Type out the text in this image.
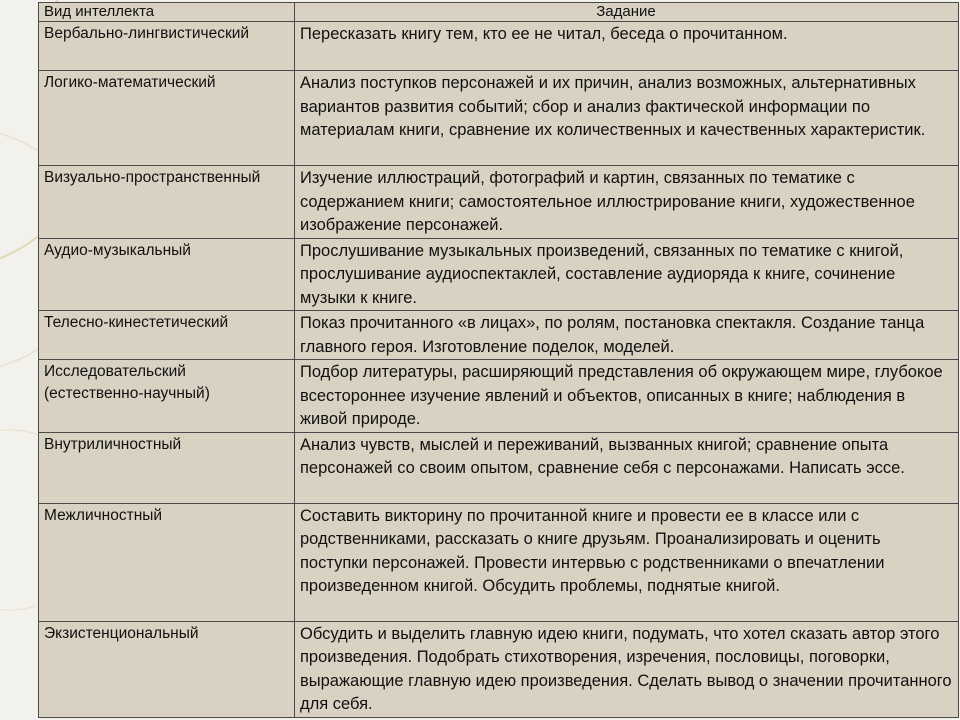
Вид интеллекта	Задание
Вербально-лингвистический	Пересказать книгу тем, кто ее не читал, беседа о прочитанном.
Логико-математический	Анализ поступков персонажей и их причин, анализ возможных, альтернативных вариантов развития событий; сбор и анализ фактической информации по материалам книги, сравнение их количественных и качественных характеристик.
Визуально-пространственный	Изучение иллюстраций, фотографий и картин, связанных по тематике с содержанием книги; самостоятельное иллюстрирование книги, художественное изображение персонажей.
Аудио-музыкальный	Прослушивание музыкальных произведений, связанных по тематике с книгой, прослушивание аудиоспектаклей, составление аудиоряда к книге, сочинение музыки к книге.
Телесно-кинестетический	Показ прочитанного «в лицах», по ролям, постановка спектакля. Создание танца главного героя. Изготовление поделок, моделей.
Исследовательский (естественно-научный)	Подбор литературы, расширяющий представления об окружающем мире, глубокое всестороннее изучение явлений и объектов, описанных в книге; наблюдения в живой природе.
Внутриличностный	Анализ чувств, мыслей и переживаний, вызванных книгой; сравнение опыта персонажей со своим опытом, сравнение себя с персонажами. Написать эссе.
Межличностный	Составить викторину по прочитанной книге и провести ее в классе или с родственниками, рассказать о книге друзьям. Проанализировать и оценить поступки персонажей. Провести интервью с родственниками о впечатлении произведенном книгой. Обсудить проблемы, поднятые книгой.
Экзистенциональный	Обсудить и выделить главную идею книги, подумать, что хотел сказать автор этого произведения. Подобрать стихотворения, изречения, пословицы, поговорки, выражающие главную идею произведения. Сделать вывод о значении прочитанного для себя.
